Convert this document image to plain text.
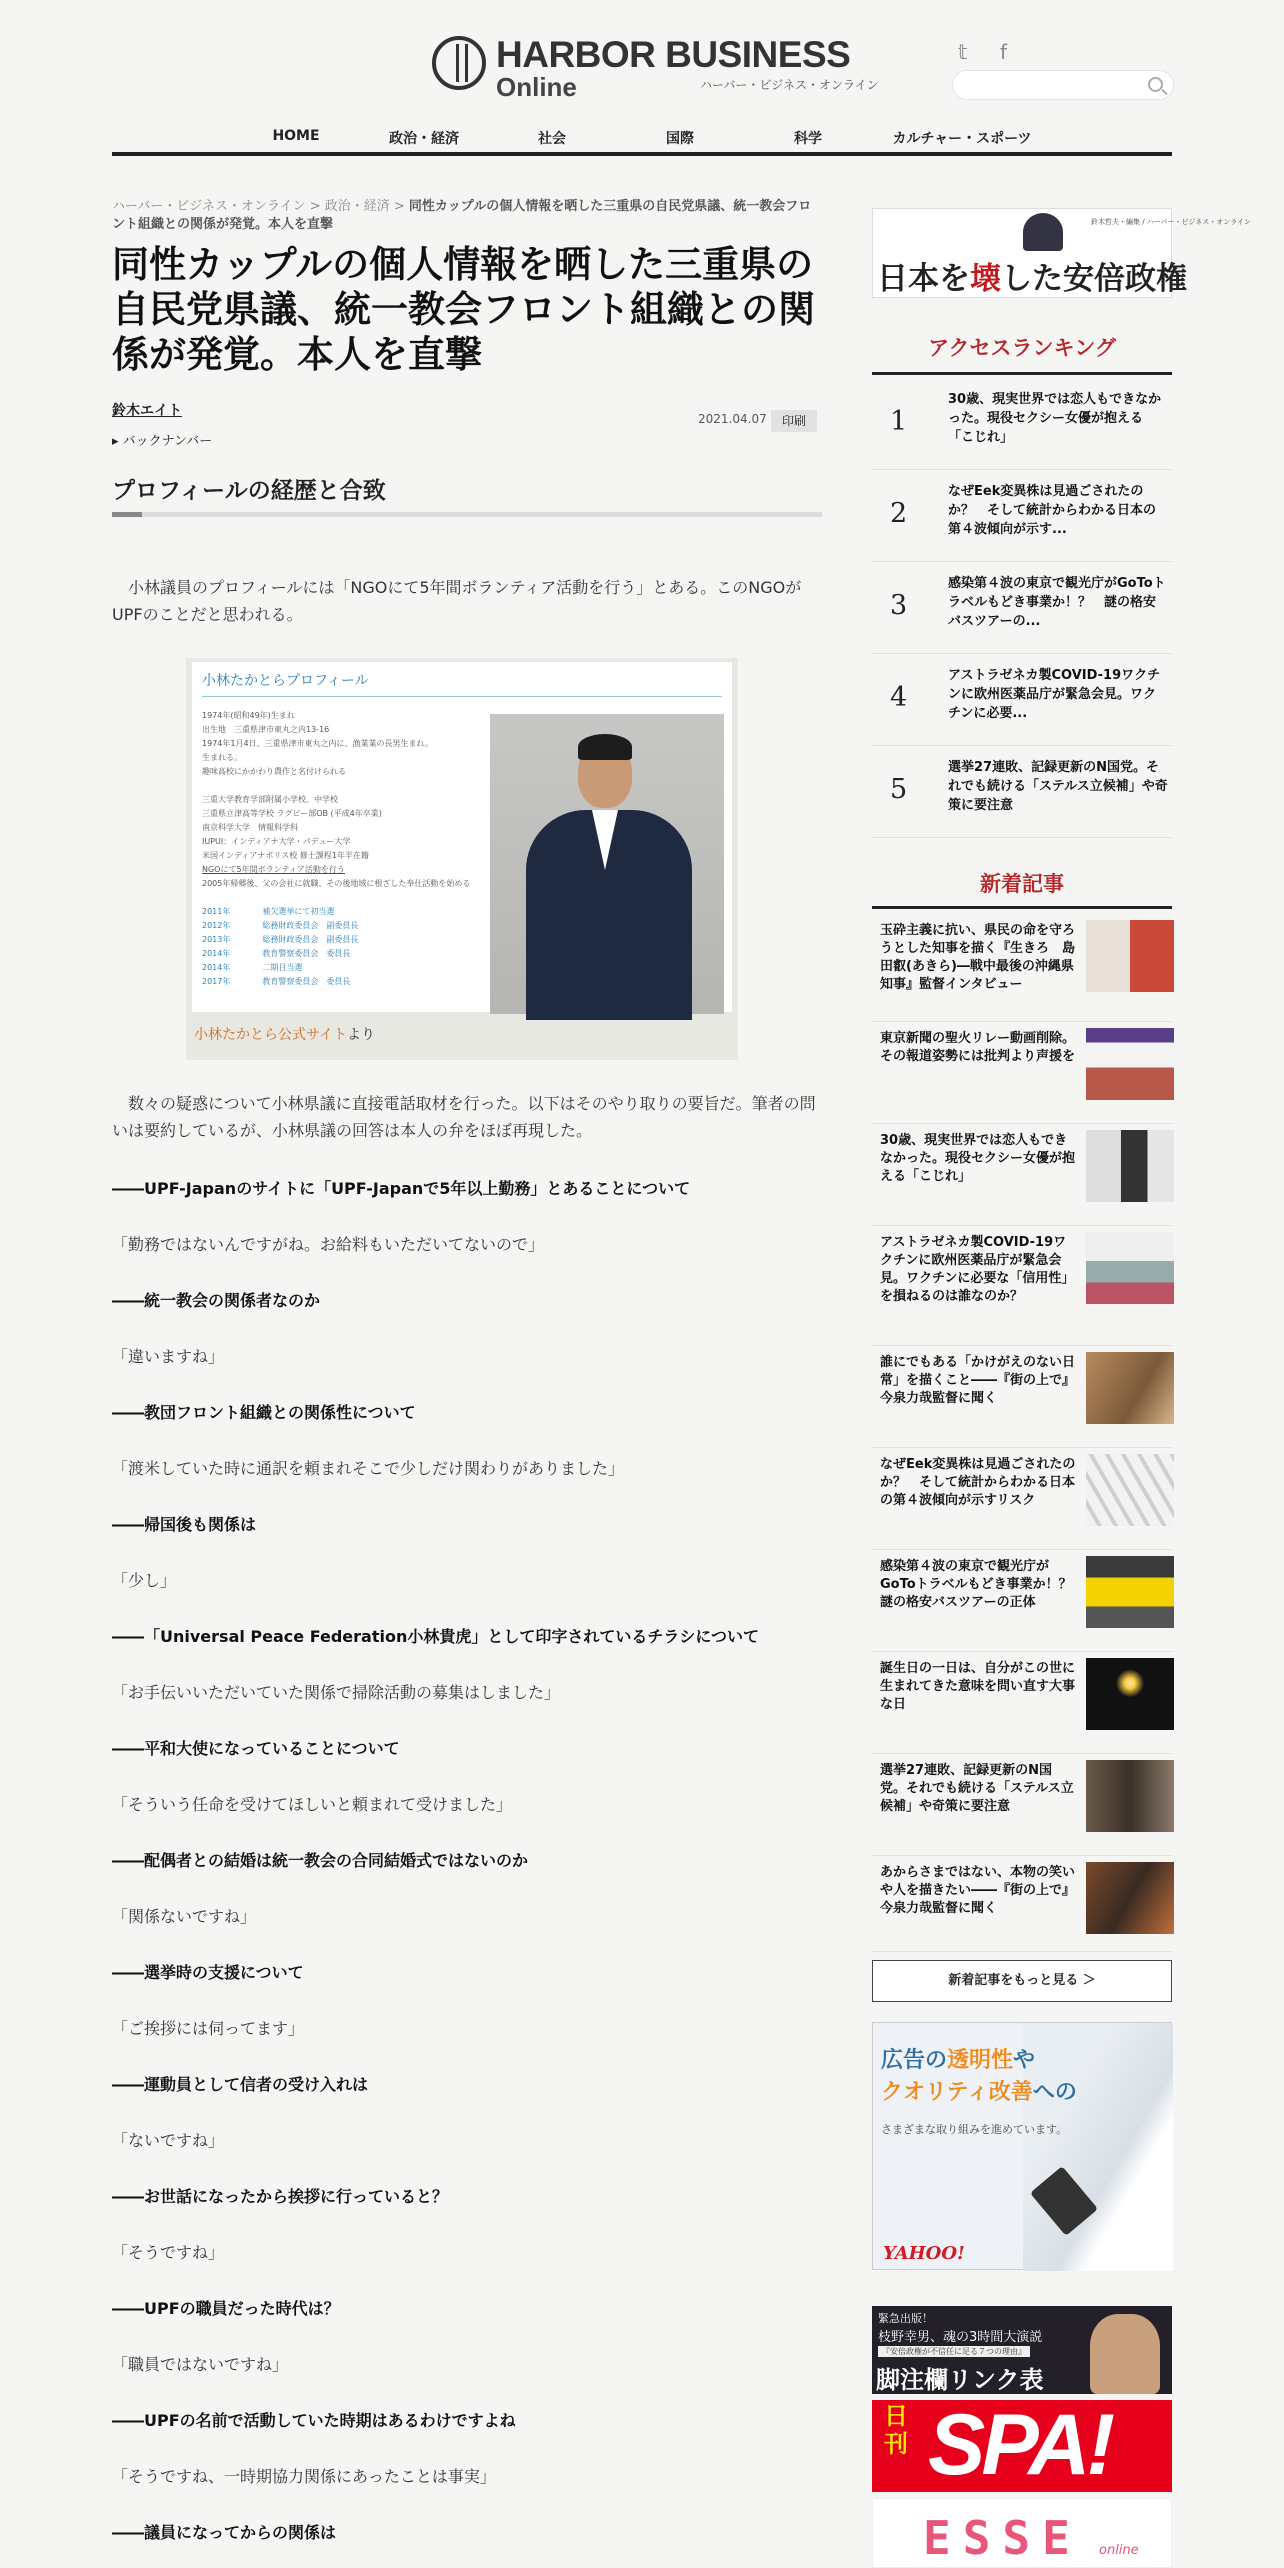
HARBOR BUSINESS
Online	ハーバー・ビジネス・オンライン
𝕥 f
HOME	政治・経済	社会	国際	科学	カルチャー・スポーツ
ハーバー・ビジネス・オンライン > 政治・経済 > 同性カップルの個人情報を晒した三重県の自民党県議、統一教会フロント組織との関係が発覚。本人を直撃
同性カップルの個人情報を晒した三重県の自民党県議、統一教会フロント組織との関係が発覚。本人を直撃
鈴木エイト
▸ バックナンバー
2021.04.07	印刷
プロフィールの経歴と合致

小林議員のプロフィールには「NGOにて5年間ボランティア活動を行う」とある。このNGOがUPFのことだと思われる。

小林たかとらプロフィール
1974年(昭和49年)生まれ
出生地　三重県津市東丸之内13-16
1974年1月4日、三重県津市東丸之内に、漁業業の長男生まれ。
生まれる。
趣味高校にかかわり農作と名付けられる
三重大学教育学部附属小学校、中学校
三重県立津高等学校 ラグビー部OB (平成4年卒業)
南京科学大学　情報科学科
IUPUI：インディアナ大学・パデュー大学
米国インディアナポリス校 修士課程1年半在籍
NGOにて5年間ボランティア活動を行う
2005年帰郷後、父の会社に就職、その後地域に根ざした奉仕活動を始める
2011年　　　　補欠選挙にて初当選
2012年　　　　総務財政委員会　副委員長
2013年　　　　総務財政委員会　副委員長
2014年　　　　教育警察委員会　委員長
2014年　　　　二期目当選
2017年　　　　教育警察委員会　委員長
小林たかとら公式サイトより

数々の疑惑について小林県議に直接電話取材を行った。以下はそのやり取りの要旨だ。筆者の問いは要約しているが、小林県議の回答は本人の弁をほぼ再現した。

――UPF-Japanのサイトに「UPF-Japanで5年以上勤務」とあることについて
「勤務ではないんですがね。お給料もいただいてないので」
――統一教会の関係者なのか
「違いますね」
――教団フロント組織との関係性について
「渡米していた時に通訳を頼まれそこで少しだけ関わりがありました」
――帰国後も関係は
「少し」
――「Universal Peace Federation小林貴虎」として印字されているチラシについて
「お手伝いいただいていた関係で掃除活動の募集はしました」
――平和大使になっていることについて
「そういう任命を受けてほしいと頼まれて受けました」
――配偶者との結婚は統一教会の合同結婚式ではないのか
「関係ないですね」
――選挙時の支援について
「ご挨拶には伺ってます」
――運動員として信者の受け入れは
「ないですね」
――お世話になったから挨拶に行っていると？
「そうですね」
――UPFの職員だった時代は？
「職員ではないですね」
――UPFの名前で活動していた時期はあるわけですよね
「そうですね、一時期協力関係にあったことは事実」
――議員になってからの関係は
鈴木哲夫・編集 / ハーバー・ビジネス・オンライン
日本を壊した安倍政権
アクセスランキング
1
30歳、現実世界では恋人もできなかった。現役セクシー女優が抱える「こじれ」
2
なぜEek変異株は見過ごされたのか？　そして統計からわかる日本の第４波傾向が示す...
3
感染第４波の東京で観光庁がGoToトラベルもどき事業か！？　謎の格安バスツアーの...
4
アストラゼネカ製COVID-19ワクチンに欧州医薬品庁が緊急会見。ワクチンに必要...
5
選挙27連敗、記録更新のN国党。それでも続ける「ステルス立候補」や奇策に要注意
新着記事
玉砕主義に抗い、県民の命を守ろうとした知事を描く『生きろ　島田叡(あきら)―戦中最後の沖縄県知事』監督インタビュー
東京新聞の聖火リレー動画削除。その報道姿勢には批判より声援を
30歳、現実世界では恋人もできなかった。現役セクシー女優が抱える「こじれ」
アストラゼネカ製COVID-19ワクチンに欧州医薬品庁が緊急会見。ワクチンに必要な「信用性」を損ねるのは誰なのか？
誰にでもある「かけがえのない日常」を描くこと――『街の上で』今泉力哉監督に聞く
なぜEek変異株は見過ごされたのか？　そして統計からわかる日本の第４波傾向が示すリスク
感染第４波の東京で観光庁がGoToトラベルもどき事業か！？　謎の格安バスツアーの正体
誕生日の一日は、自分がこの世に生まれてきた意味を問い直す大事な日
選挙27連敗、記録更新のN国党。それでも続ける「ステルス立候補」や奇策に要注意
あからさまではない、本物の笑いや人を描きたい――『街の上で』今泉力哉監督に聞く
新着記事をもっと見る ＞
広告の透明性や
クオリティ改善への
さまざまな取り組みを進めています。
YAHOO!
緊急出版！
枝野幸男、魂の3時間大演説
『安倍政権が不信任に足る７つの理由』
脚注欄リンク表
日刊 SPA!
ESSE online
